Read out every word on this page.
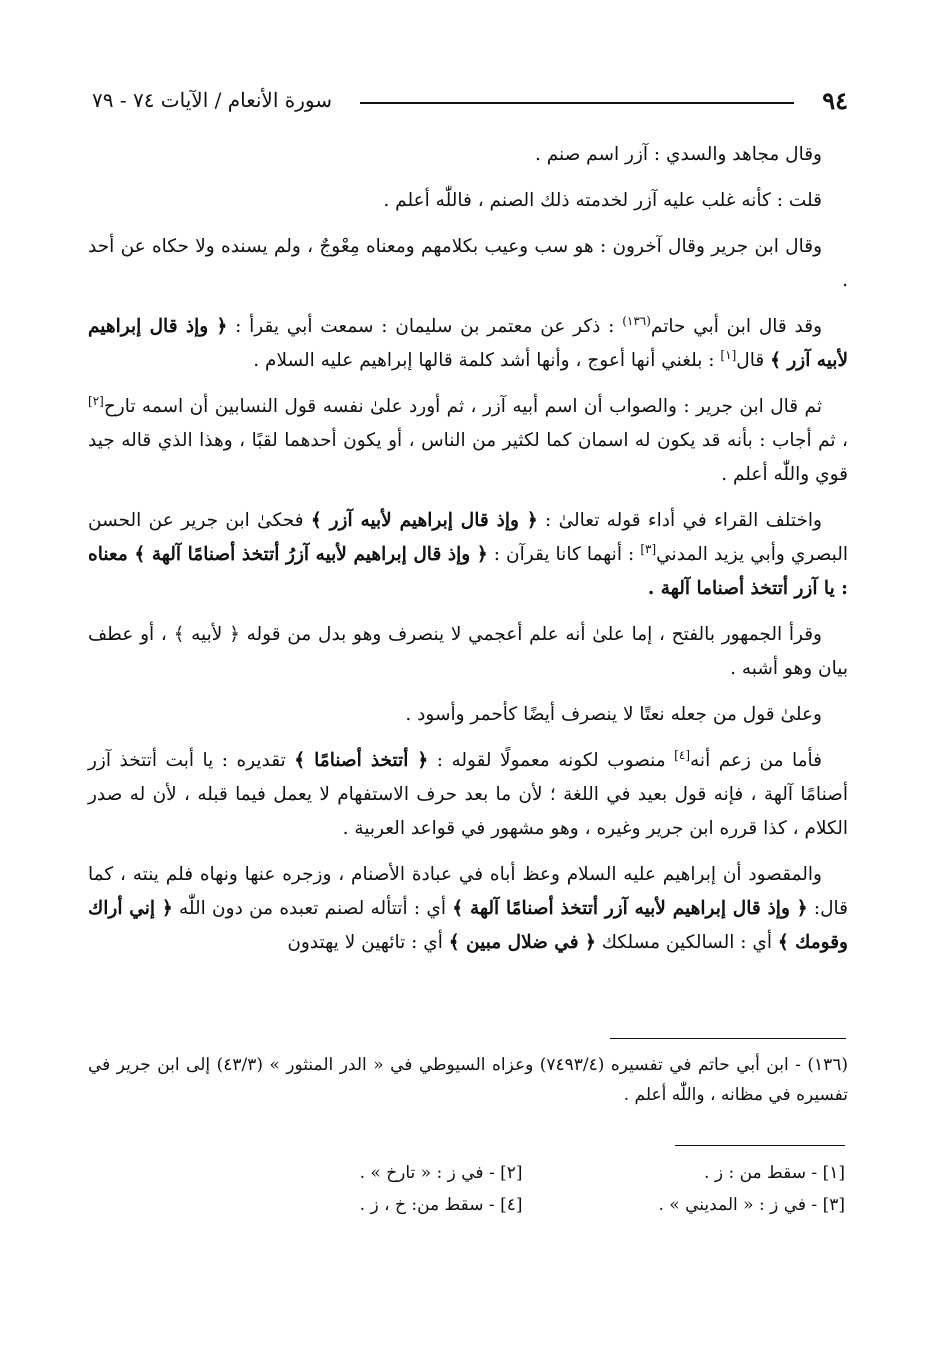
٩٤
سورة الأنعام / الآيات ٧٤ - ٧٩

وقال مجاهد والسدي : آزر اسم صنم .

قلت : كأنه غلب عليه آزر لخدمته ذلك الصنم ، فاللّٰه أعلم .

وقال ابن جرير وقال آخرون : هو سب وعيب بكلامهم ومعناه مِعْوجٌ ، ولم يسنده ولا حكاه عن أحد .

وقد قال ابن أبي حاتم$^{(١٣٦)}$ : ذكر عن معتمر بن سليمان : سمعت أبي يقرأ : ﴿ وإذ قال إبراهيم لأبيه آزر ﴾ قال[١] : بلغني أنها أعوج ، وأنها أشد كلمة قالها إبراهيم عليه السلام .

ثم قال ابن جرير : والصواب أن اسم أبيه آزر ، ثم أورد علىٰ نفسه قول النسابين أن اسمه تارح[٢] ، ثم أجاب : بأنه قد يكون له اسمان كما لكثير من الناس ، أو يكون أحدهما لقبًا ، وهذا الذي قاله جيد قوي واللّٰه أعلم .

واختلف القراء في أداء قوله تعالىٰ : ﴿ وإذ قال إبراهيم لأبيه آزر ﴾ فحكىٰ ابن جرير عن الحسن البصري وأبي يزيد المدني[٣] : أنهما كانا يقرآن : ﴿ وإذ قال إبراهيم لأبيه آزرُ أتتخذ أصنامًا آلهة ﴾ معناه : يا آزر أتتخذ أصناما آلهة .

وقرأ الجمهور بالفتح ، إما علىٰ أنه علم أعجمي لا ينصرف وهو بدل من قوله ﴿ لأبيه ﴾ ، أو عطف بيان وهو أشبه .

وعلىٰ قول من جعله نعتًا لا ينصرف أيضًا كأحمر وأسود .

فأما من زعم أنه[٤] منصوب لكونه معمولًا لقوله : ﴿ أتتخذ أصنامًا ﴾ تقديره : يا أبت أتتخذ آزر أصنامًا آلهة ، فإنه قول بعيد في اللغة ؛ لأن ما بعد حرف الاستفهام لا يعمل فيما قبله ، لأن له صدر الكلام ، كذا قرره ابن جرير وغيره ، وهو مشهور في قواعد العربية .

والمقصود أن إبراهيم عليه السلام وعظ أباه في عبادة الأصنام ، وزجره عنها ونهاه فلم ينته ، كما قال: ﴿ وإذ قال إبراهيم لأبيه آزر أتتخذ أصنامًا آلهة ﴾ أي : أتتأله لصنم تعبده من دون اللّٰه ﴿ إني أراك وقومك ﴾ أي : السالكين مسلكك ﴿ في ضلال مبين ﴾ أي : تائهين لا يهتدون

(١٣٦) - ابن أبي حاتم في تفسيره (٧٤٩٣/٤) وعزاه السيوطي في « الدر المنثور » (٤٣/٣) إلى ابن جرير في تفسيره في مظانه ، واللّٰه أعلم .

[١] - سقط من : ز .
[٢] - في ز : « تارخ » .
[٣] - في ز : « المديني » .
[٤] - سقط من: خ ، ز .
